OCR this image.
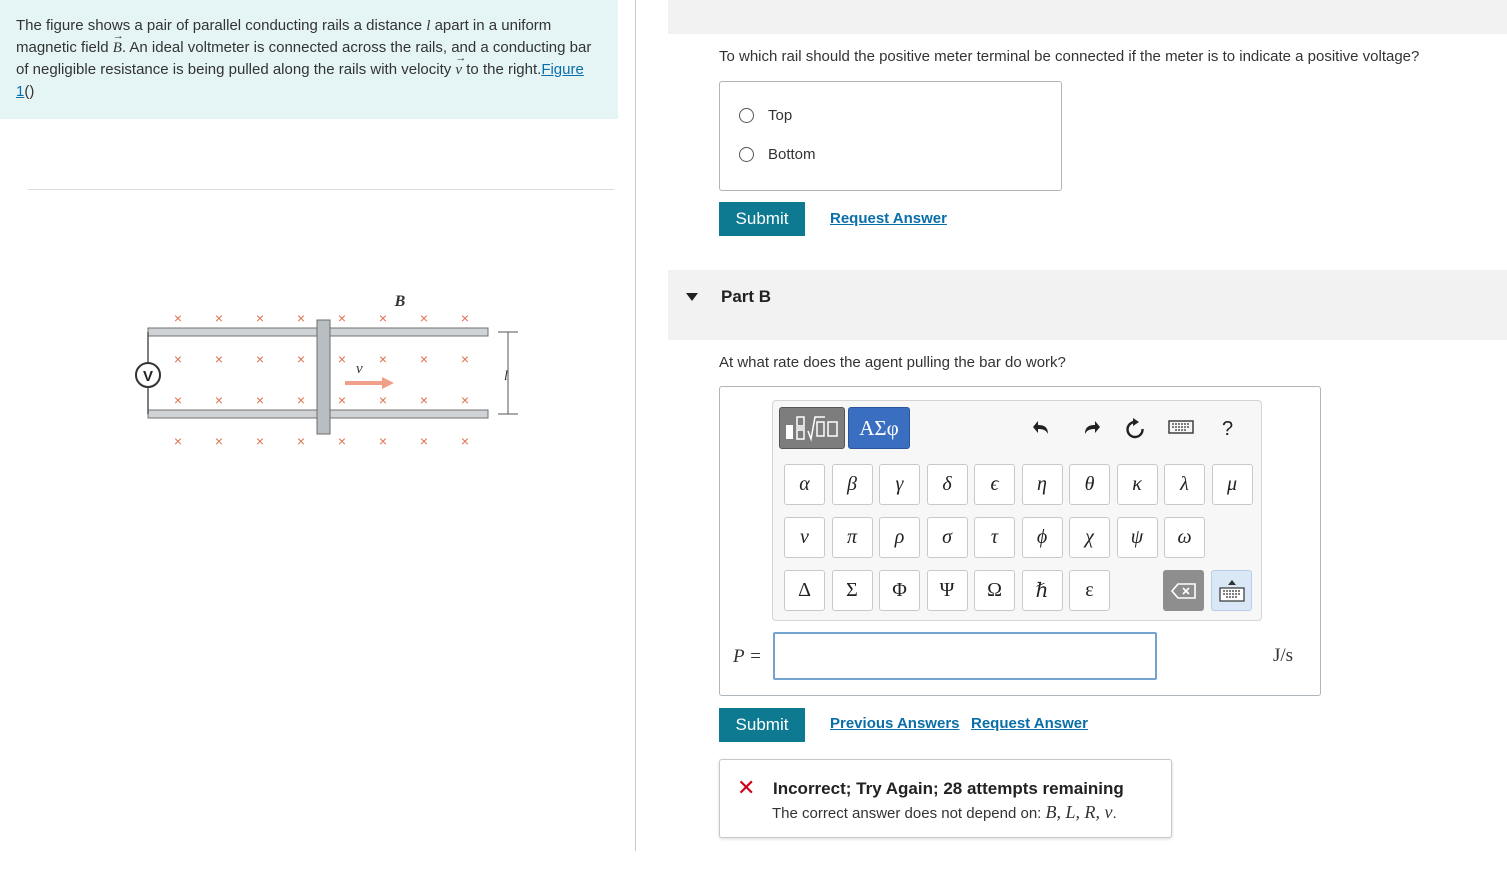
The figure shows a pair of parallel conducting rails a distance l apart in a uniform magnetic field → B. An ideal voltmeter is connected across the rails, and a conducting bar of negligible resistance is being pulled along the rails with velocity → v to the right.Figure 1()
× × × × × × × ×
× × × × × × × ×
× × × × × × × ×
× × × × × × × ×
V	v
B
l
To which rail should the positive meter terminal be connected if the meter is to indicate a positive voltage?
Top
Bottom
Submit	Request Answer
Part B
At what rate does the agent pulling the bar do work?
ΑΣφ	?
α	β	γ	δ	ϵ	η	θ	κ	λ	μ
ν	π	ρ	σ	τ	ϕ	χ	ψ	ω
Δ	Σ	Φ	Ψ	Ω	ℏ	ε
P =	J/s
Submit	Previous Answers Request Answer
✕ Incorrect; Try Again; 28 attempts remaining
The correct answer does not depend on: B, L, R, v.
